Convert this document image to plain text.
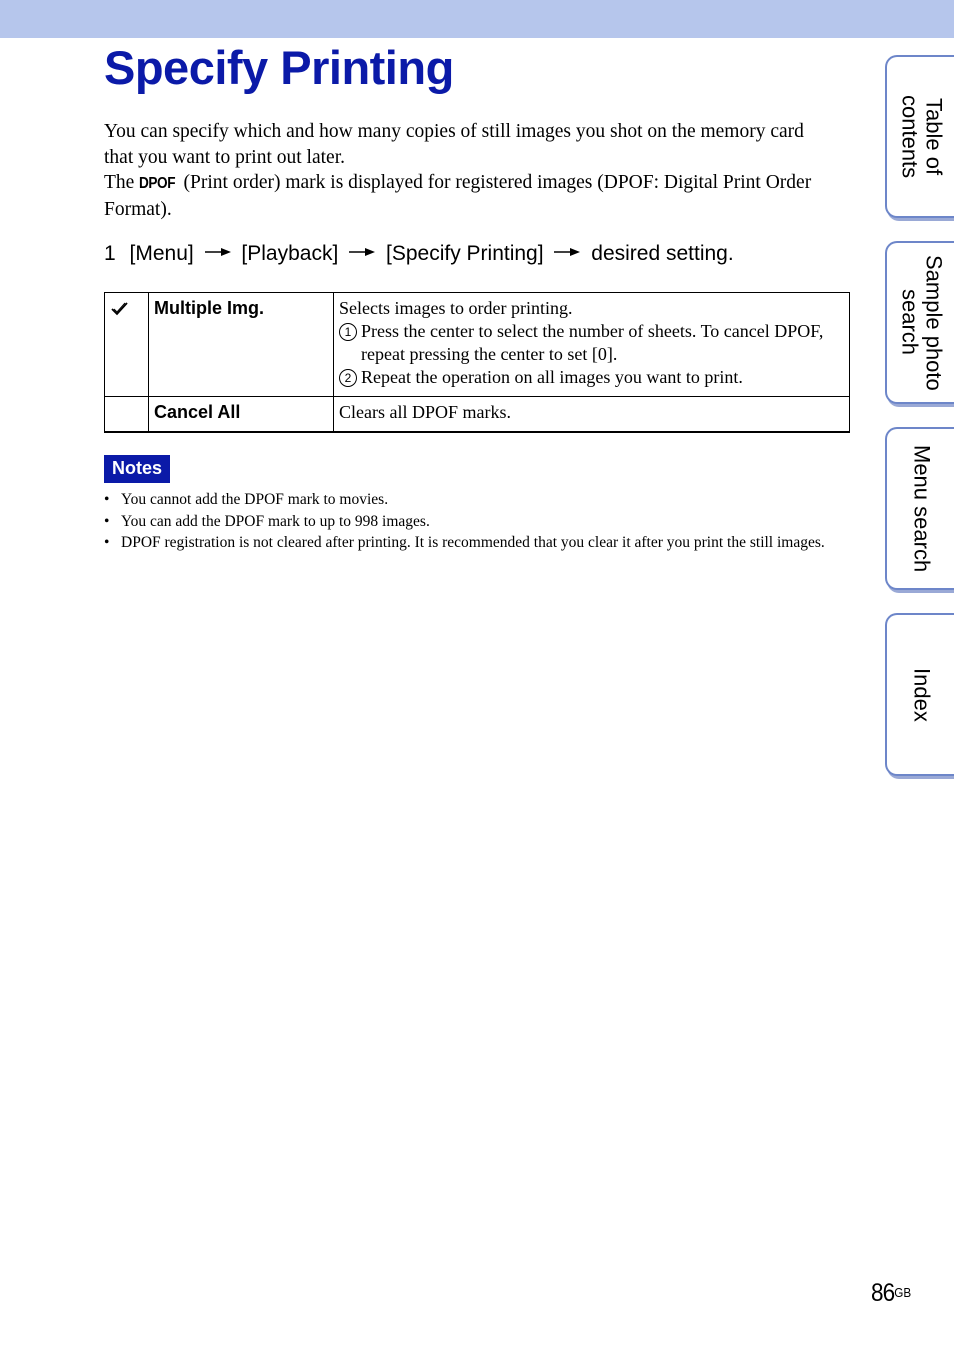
Specify Printing

You can specify which and how many copies of still images you shot on the memory card that you want to print out later.

The DPOF (Print order) mark is displayed for registered images (DPOF: Digital Print Order Format).

1 [Menu] [Playback] [Specify Printing] desired setting.
	Multiple Img.	Selects images to order printing.
1 Press the center to select the number of sheets. To cancel DPOF, repeat pressing the center to set [0].
2 Repeat the operation on all images you want to print.

	Cancel All	Clears all DPOF marks.
Notes
• You cannot add the DPOF mark to movies.
• You can add the DPOF mark to up to 998 images.
• DPOF registration is not cleared after printing. It is recommended that you clear it after you print the still images.
Table of
contents
Sample photo
search
Menu search
Index
$86^{GB}$
